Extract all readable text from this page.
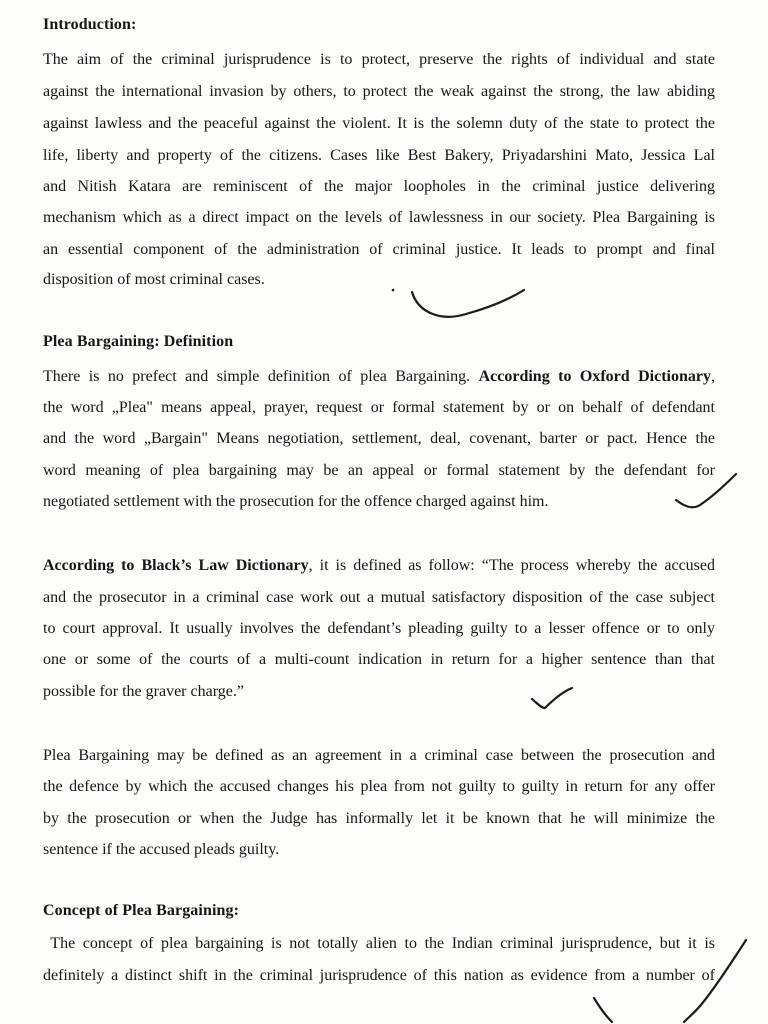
Introduction:

The aim of the criminal jurisprudence is to protect, preserve the rights of individual and state

against the international invasion by others, to protect the weak against the strong, the law abiding

against lawless and the peaceful against the violent. It is the solemn duty of the state to protect the

life, liberty and property of the citizens. Cases like Best Bakery, Priyadarshini Mato, Jessica Lal

and Nitish Katara are reminiscent of the major loopholes in the criminal justice delivering

mechanism which as a direct impact on the levels of lawlessness in our society. Plea Bargaining is

an essential component of the administration of criminal justice. It leads to prompt and final

disposition of most criminal cases.

Plea Bargaining: Definition

There is no prefect and simple definition of plea Bargaining. According to Oxford Dictionary,

the word „Plea" means appeal, prayer, request or formal statement by or on behalf of defendant

and the word „Bargain" Means negotiation, settlement, deal, covenant, barter or pact. Hence the

word meaning of plea bargaining may be an appeal or formal statement by the defendant for

negotiated settlement with the prosecution for the offence charged against him.

According to Black’s Law Dictionary, it is defined as follow: “The process whereby the accused

and the prosecutor in a criminal case work out a mutual satisfactory disposition of the case subject

to court approval. It usually involves the defendant’s pleading guilty to a lesser offence or to only

one or some of the courts of a multi-count indication in return for a higher sentence than that

possible for the graver charge.”

Plea Bargaining may be defined as an agreement in a criminal case between the prosecution and

the defence by which the accused changes his plea from not guilty to guilty in return for any offer

by the prosecution or when the Judge has informally let it be known that he will minimize the

sentence if the accused pleads guilty.

Concept of Plea Bargaining:

The concept of plea bargaining is not totally alien to the Indian criminal jurisprudence, but it is

definitely a distinct shift in the criminal jurisprudence of this nation as evidence from a number of
